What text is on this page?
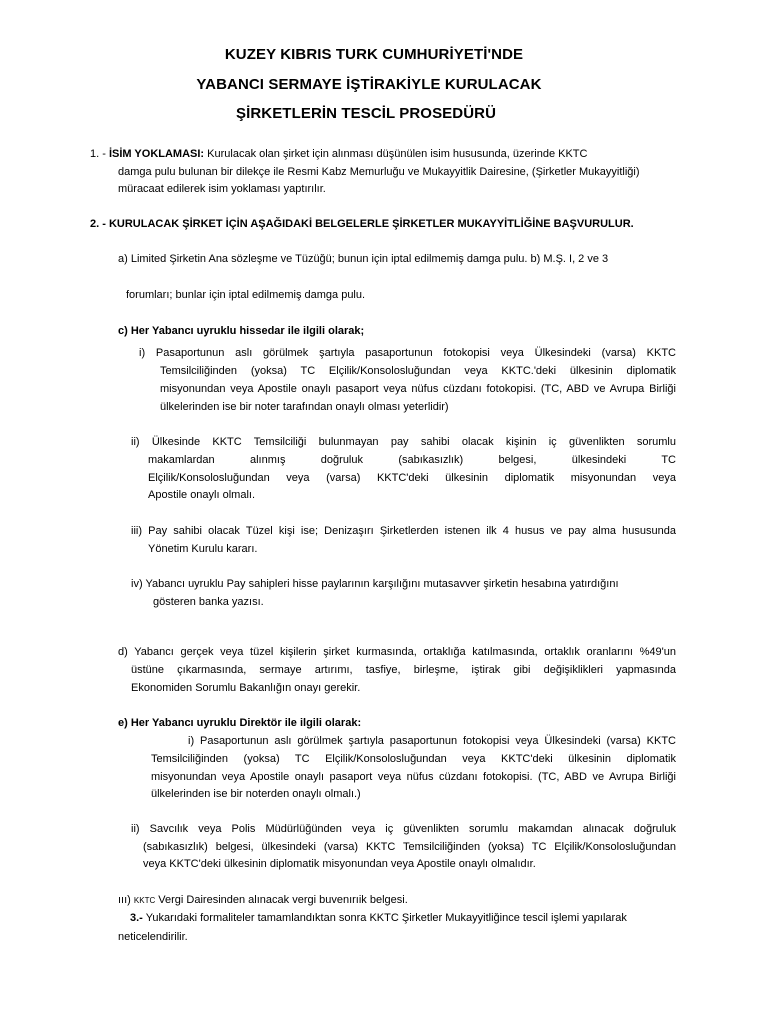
KUZEY KIBRIS TURK CUMHURİYETİ'NDE
YABANCI SERMAYE İŞTİRAKİYLE KURULACAK
ŞİRKETLERİN TESCİL PROSEDÜRÜ
1. - İSİM YOKLAMASI: Kurulacak olan şirket için alınması düşünülen isim hususunda, üzerinde KKTC
damga pulu bulunan bir dilekçe ile Resmi Kabz Memurluğu ve Mukayyitlik Dairesine, (Şirketler Mukayyitliği)
müracaat edilerek isim yoklaması yaptırılır.
2. - KURULACAK ŞİRKET İÇİN AŞAĞIDAKİ BELGELERLE ŞİRKETLER MUKAYYİTLİĞİNE BAŞVURULUR.
a) Limited Şirketin Ana sözleşme ve Tüzüğü; bunun için iptal edilmemiş damga pulu. b) M.Ş. I, 2 ve 3
forumları; bunlar için iptal edilmemiş damga pulu.
c) Her Yabancı uyruklu hissedar ile ilgili olarak;
i) Pasaportunun aslı görülmek şartıyla pasaportunun fotokopisi veya Ülkesindeki (varsa) KKTC
Temsilciliğinden (yoksa) TC Elçilik/Konsolosluğundan veya KKTC.'deki ülkesinin diplomatik
misyonundan veya Apostile onaylı pasaport veya nüfus cüzdanı fotokopisi. (TC, ABD ve Avrupa Birliği
ülkelerinden ise bir noter tarafından onaylı olması yeterlidir)
ii) Ülkesinde KKTC Temsilciliği bulunmayan pay sahibi olacak kişinin iç güvenlikten sorumlu
makamlardan alınmış doğruluk (sabıkasızlık) belgesi, ülkesindeki TC
Elçilik/Konsolosluğundan veya (varsa) KKTC'deki ülkesinin diplomatik misyonundan veya
Apostile onaylı olmalı.
iii) Pay sahibi olacak Tüzel kişi ise; Denizaşırı Şirketlerden istenen ilk 4 husus ve pay alma hususunda
Yönetim Kurulu kararı.
iv) Yabancı uyruklu Pay sahipleri hisse paylarının karşılığını mutasavver şirketin hesabına yatırdığını
gösteren banka yazısı.
d) Yabancı gerçek veya tüzel kişilerin şirket kurmasında, ortaklığa katılmasında, ortaklık oranlarını %49'un
üstüne çıkarmasında, sermaye artırımı, tasfiye, birleşme, iştirak gibi değişiklikleri yapmasında
Ekonomiden Sorumlu Bakanlığın onayı gerekir.
e) Her Yabancı uyruklu Direktör ile ilgili olarak:
i) Pasaportunun aslı görülmek şartıyla pasaportunun fotokopisi veya Ülkesindeki (varsa) KKTC
Temsilciliğinden (yoksa) TC Elçilik/Konsolosluğundan veya KKTC'deki ülkesinin diplomatik
misyonundan veya Apostile onaylı pasaport veya nüfus cüzdanı fotokopisi. (TC, ABD ve Avrupa Birliği
ülkelerinden ise bir noterden onaylı olmalı.)
ii) Savcılık veya Polis Müdürlüğünden veya iç güvenlikten sorumlu makamdan alınacak doğruluk
(sabıkasızlık) belgesi, ülkesindeki (varsa) KKTC Temsilciliğinden (yoksa) TC Elçilik/Konsolosluğundan
veya KKTC'deki ülkesinin diplomatik misyonundan veya Apostile onaylı olmalıdır.
ııı) KKTC Vergi Dairesinden alınacak vergi buvenırıik belgesi.
3.- Yukarıdaki formaliteler tamamlandıktan sonra KKTC Şirketler Mukayyitliğince tescil işlemi yapılarak
neticelendirilir.
